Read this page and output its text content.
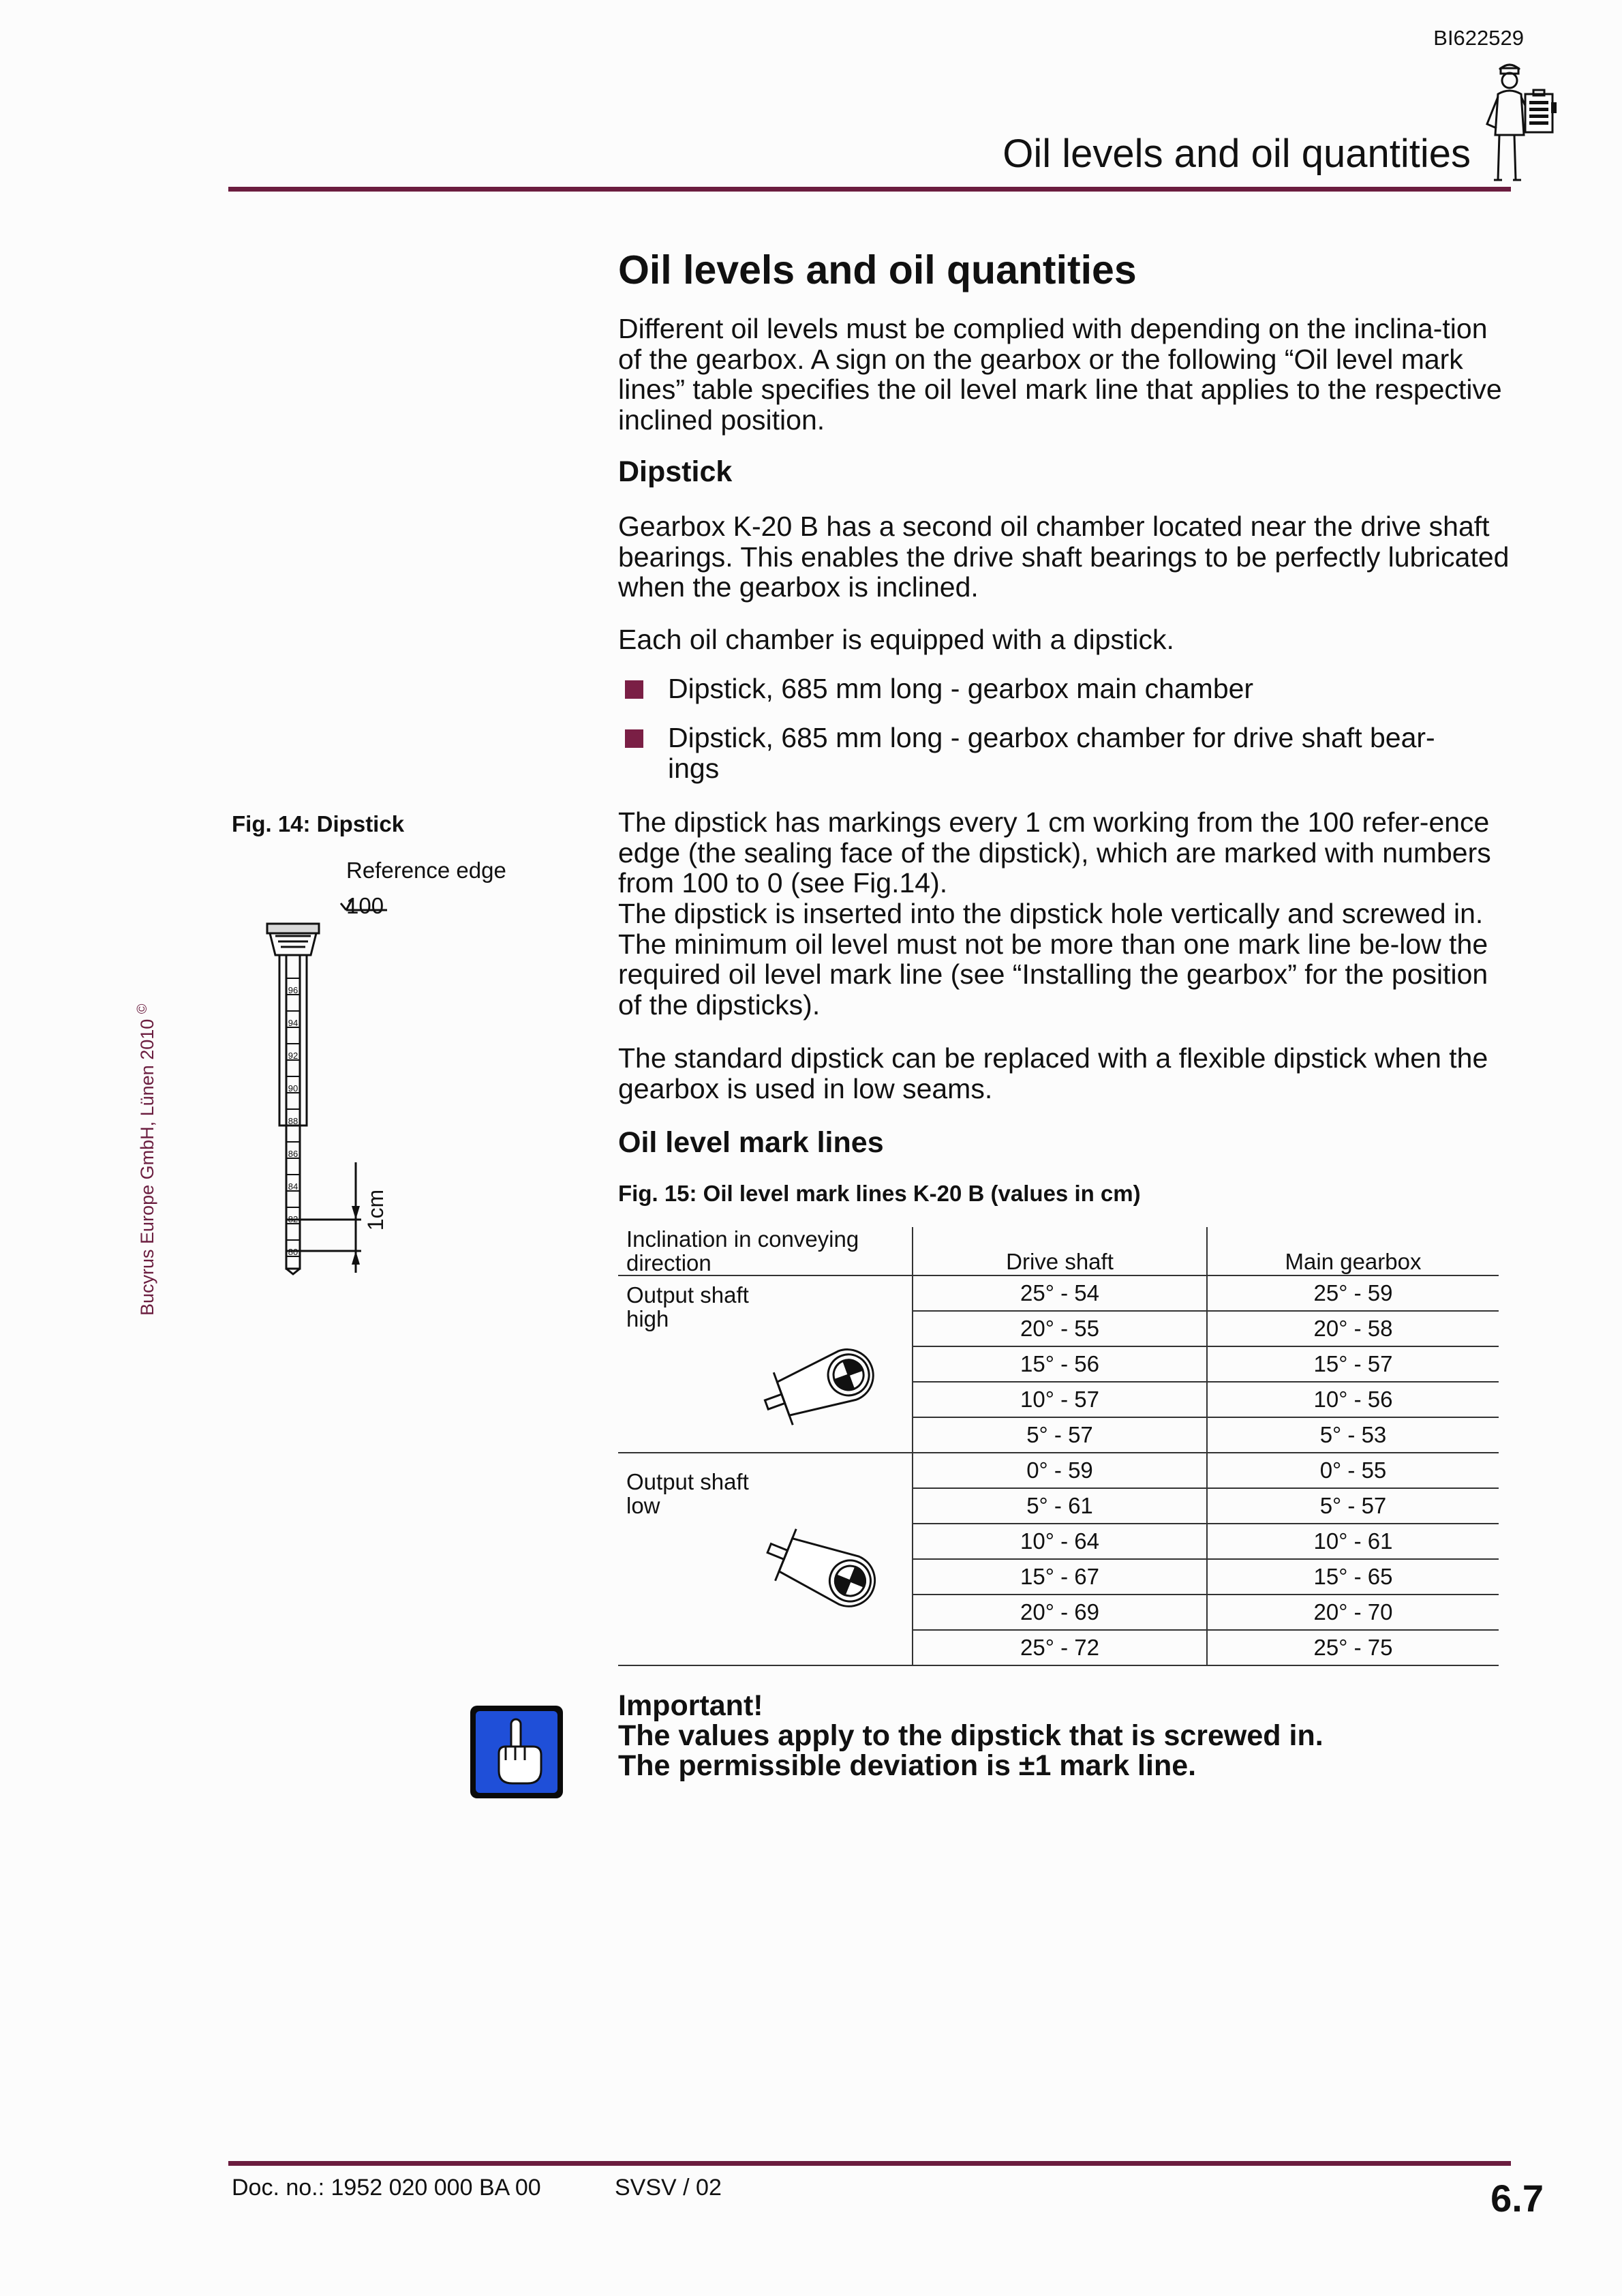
BI622529
Oil levels and oil quantities
Bucyrus Europe GmbH, Lünen 2010 ©
Oil levels and oil quantities

Different oil levels must be complied with depending on the inclina-tion of the gearbox. A sign on the gearbox or the following “Oil level mark lines” table specifies the oil level mark line that applies to the respective inclined position.

Dipstick

Gearbox K-20 B has a second oil chamber located near the drive shaft bearings. This enables the drive shaft bearings to be perfectly lubricated when the gearbox is inclined.

Each oil chamber is equipped with a dipstick.

Dipstick, 685 mm long - gearbox main chamber
Dipstick, 685 mm long - gearbox chamber for drive shaft bear-ings

The dipstick has markings every 1 cm working from the 100 refer-ence edge (the sealing face of the dipstick), which are marked with numbers from 100 to 0 (see Fig.14).

The dipstick is inserted into the dipstick hole vertically and screwed in. The minimum oil level must not be more than one mark line be-low the required oil level mark line (see “Installing the gearbox” for the position of the dipsticks).

The standard dipstick can be replaced with a flexible dipstick when the gearbox is used in low seams.

Oil level mark lines
Fig. 14: Dipstick
Reference edge
100
96
94
92
90
88
86
84
82
80
1cm	Fig. 15: Oil level mark lines K-20 B (values in cm)
Inclination in conveying direction	Drive shaft	Main gearbox

Output shaft high	25° - 54	25° - 59
	20° - 55	20° - 58
	15° - 56	15° - 57
	10° - 57	10° - 56
	5° - 57	5° - 53

Output shaft low	0° - 59	0° - 55
	5° - 61	5° - 57
	10° - 64	10° - 61
	15° - 67	15° - 65
	20° - 69	20° - 70
	25° - 72	25° - 75
Important!
The values apply to the dipstick that is screwed in.
The permissible deviation is ±1 mark line.
Doc. no.: 1952 020 000 BA 00	SVSV / 02	6.7
